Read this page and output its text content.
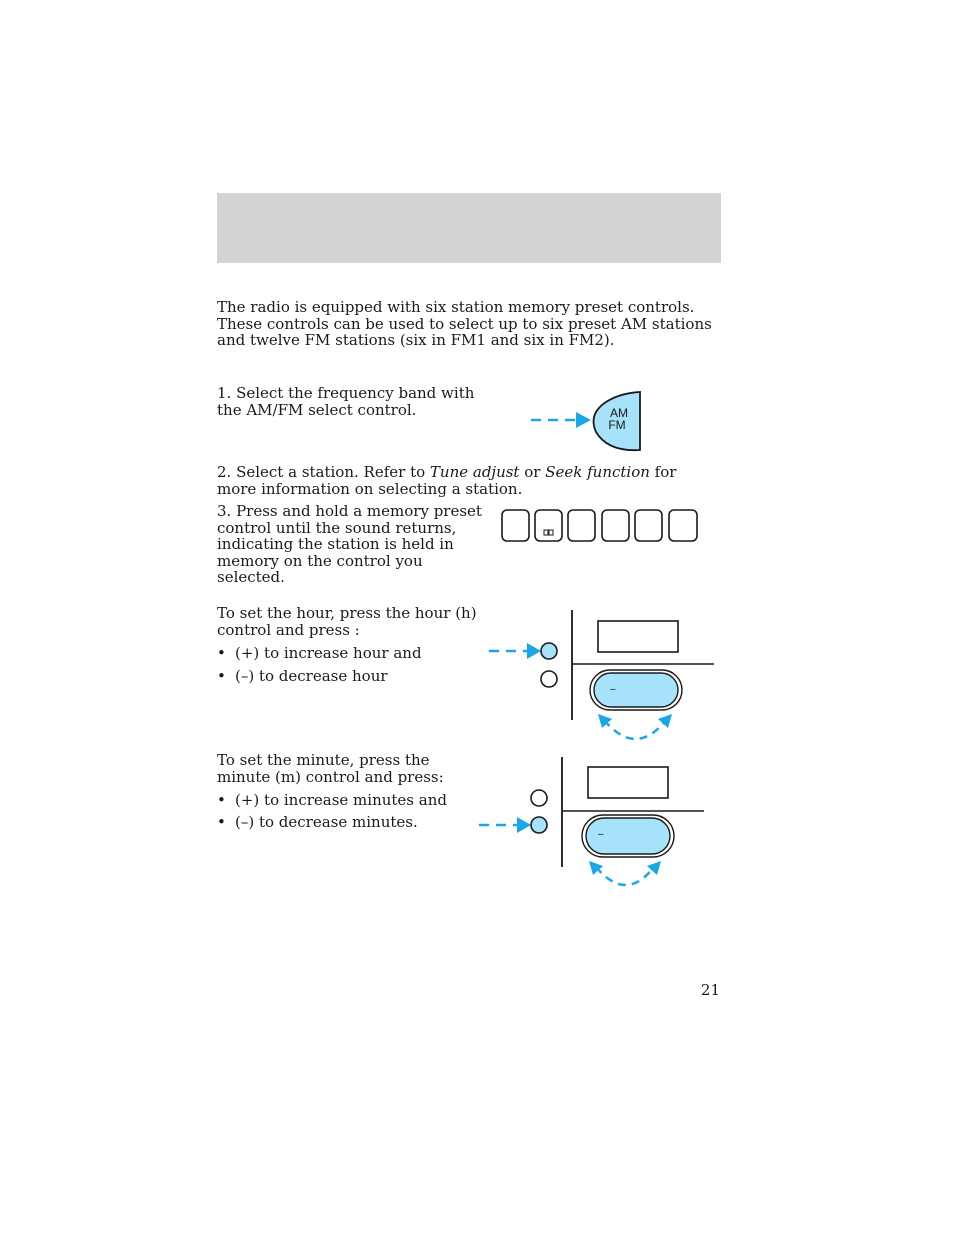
The radio is equipped with six station memory preset controls. These controls can be used to select up to six preset AM stations and twelve FM stations (six in FM1 and six in FM2).

1. Select the frequency band with the AM/FM select control.	AM
FM

2. Select a station. Refer to Tune adjust or Seek function for more information on selecting a station.

3. Press and hold a memory preset control until the sound returns, indicating the station is held in memory on the control you selected.

To set the hour, press the hour (h) control and press :

• (+) to increase hour and

• (–) to decrease hour

–

To set the minute, press the minute (m) control and press:

• (+) to increase minutes and

• (–) to decrease minutes.

–
21
